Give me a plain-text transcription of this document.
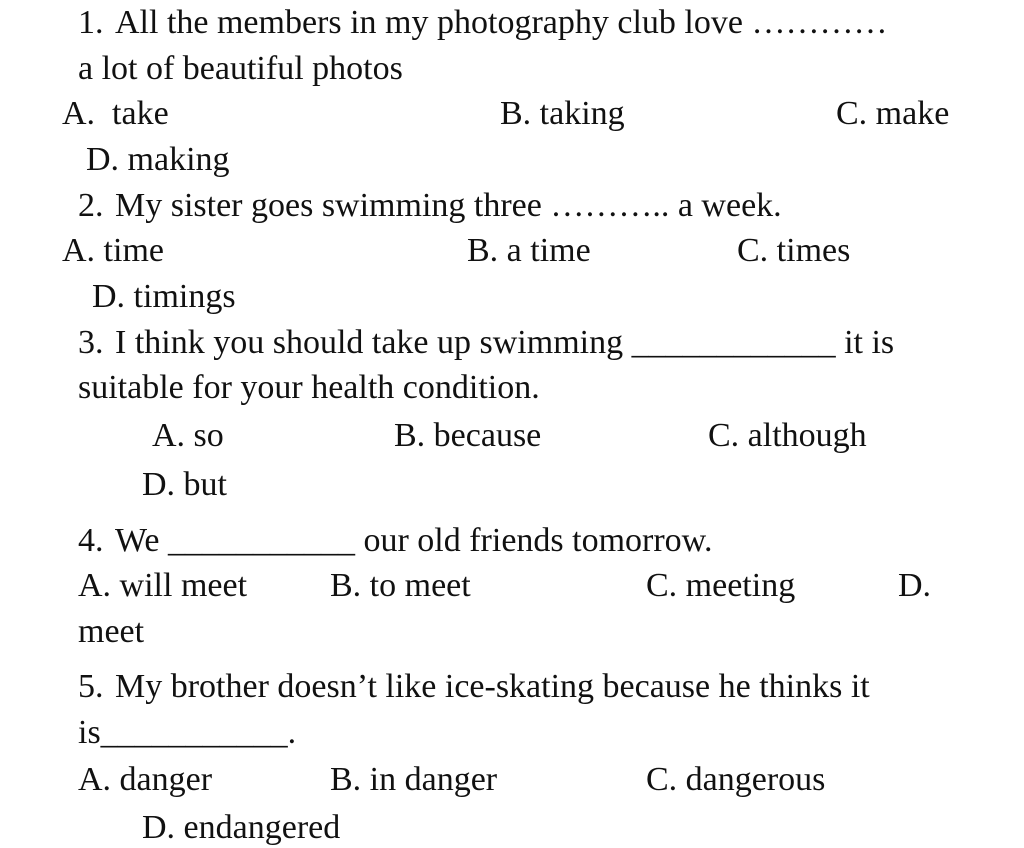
1. All the members in my photography club love …………
a lot of beautiful photos
A.  take	B. taking	C. make
D. making
2. My sister goes swimming three ……….. a week.
A. time	B. a time	C. times
D. timings
3. I think you should take up swimming ____________ it is
suitable for your health condition.
A. so	B. because	C. although
D. but
4. We ___________ our old friends tomorrow.
A. will meet B. to meet	C. meeting	D.
meet
5. My brother doesn’t like ice-skating because he thinks it
is___________.
A. danger	B. in danger	C. dangerous
D. endangered
